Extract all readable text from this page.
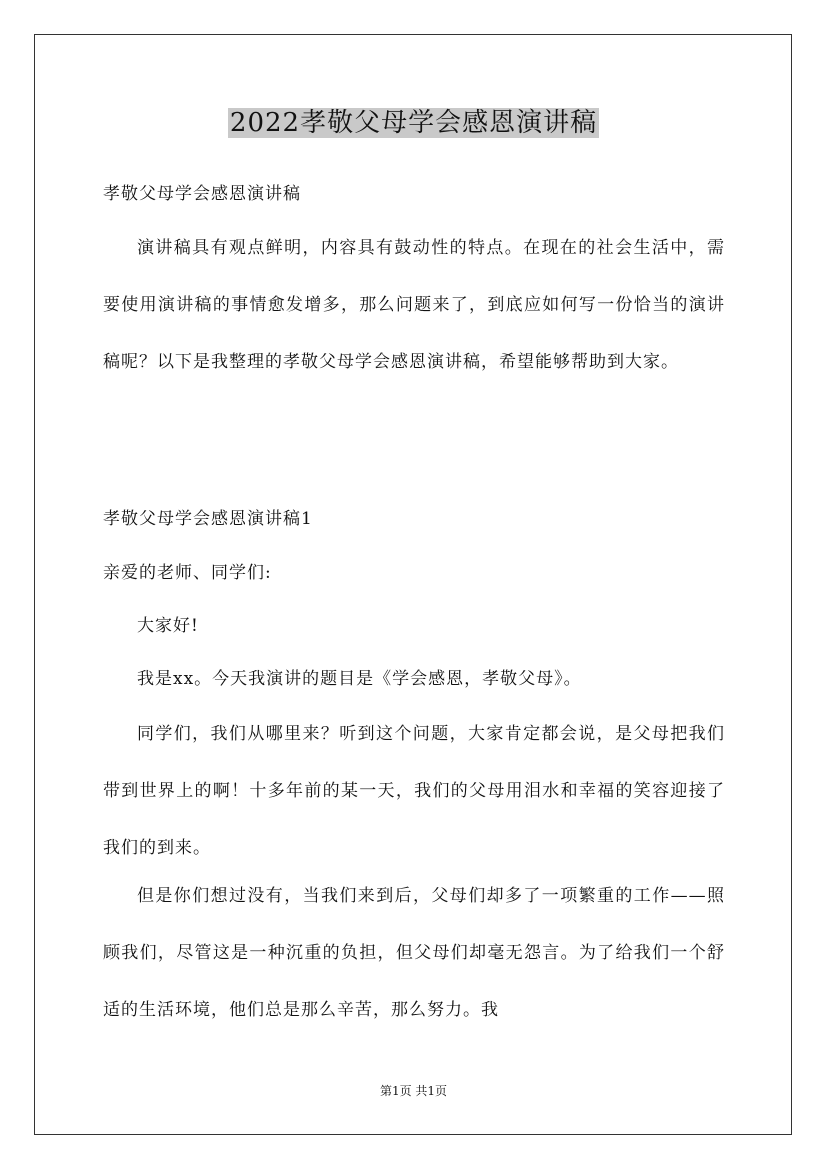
2022孝敬父母学会感恩演讲稿

孝敬父母学会感恩演讲稿

演讲稿具有观点鲜明，内容具有鼓动性的特点。在现在的社会生活中，需要使用演讲稿的事情愈发增多，那么问题来了，到底应如何写一份恰当的演讲稿呢？以下是我整理的孝敬父母学会感恩演讲稿，希望能够帮助到大家。

孝敬父母学会感恩演讲稿1

亲爱的老师、同学们:

大家好!

我是xx。今天我演讲的题目是《学会感恩，孝敬父母》。

同学们，我们从哪里来？听到这个问题，大家肯定都会说，是父母把我们带到世界上的啊！十多年前的某一天，我们的父母用泪水和幸福的笑容迎接了我们的到来。

但是你们想过没有，当我们来到后，父母们却多了一项繁重的工作——照顾我们，尽管这是一种沉重的负担，但父母们却毫无怨言。为了给我们一个舒适的生活环境，他们总是那么辛苦，那么努力。我

第1页 共1页
